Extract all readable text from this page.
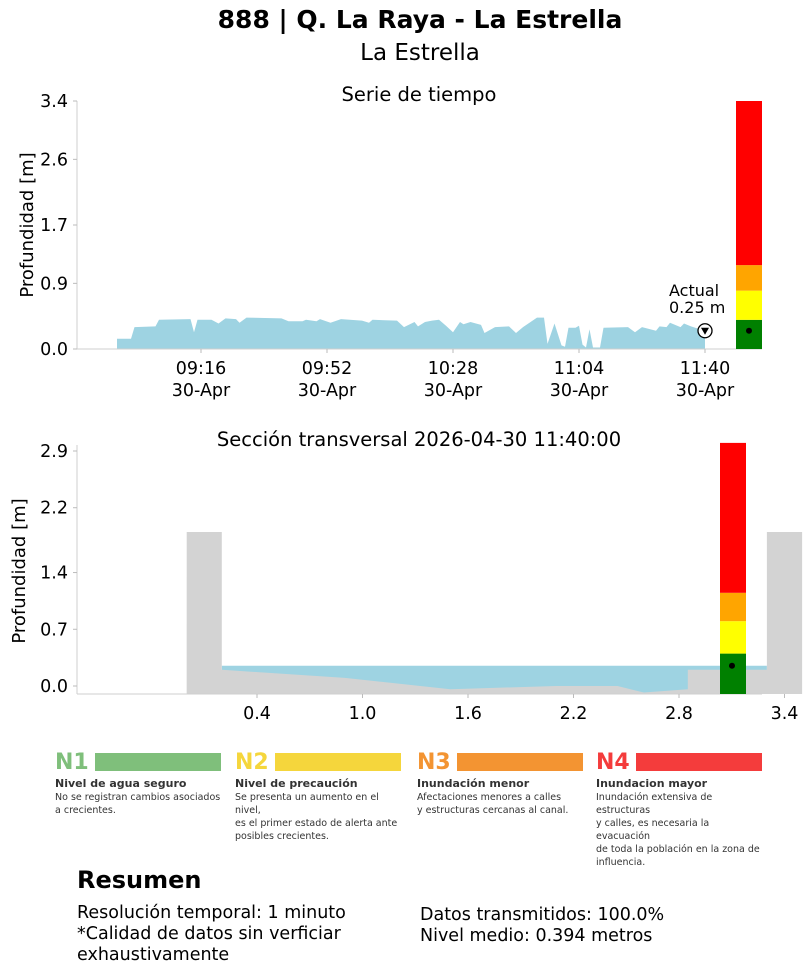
888 | Q. La Raya - La Estrella
La Estrella
Serie de tiempo
Profundidad [m]
0.0
0.9
1.7
2.6
3.4
09:16
30-Apr
09:52
30-Apr
10:28
30-Apr
11:04
30-Apr
11:40
30-Apr
Actual
0.25 m
Sección transversal 2026-04-30 11:40:00
Profundidad [m]
0.0
0.7
1.4
2.2
2.9
0.4	1.0	1.6	2.2	2.8	3.4
N1
Nivel de agua seguro
No se registran cambios asociados
a crecientes.
N2
Nivel de precaución
Se presenta un aumento en el nivel,
es el primer estado de alerta ante
posibles crecientes.
N3
Inundación menor
Afectaciones menores a calles
y estructuras cercanas al canal.
N4
Inundacion mayor
Inundación extensiva de estructuras
y calles, es necesaria la evacuación
de toda la población en la zona de
influencia.
Resumen
Resolución temporal: 1 minuto
*Calidad de datos sin verficiar
exhaustivamente
Datos transmitidos: 100.0%
Nivel medio: 0.394 metros
